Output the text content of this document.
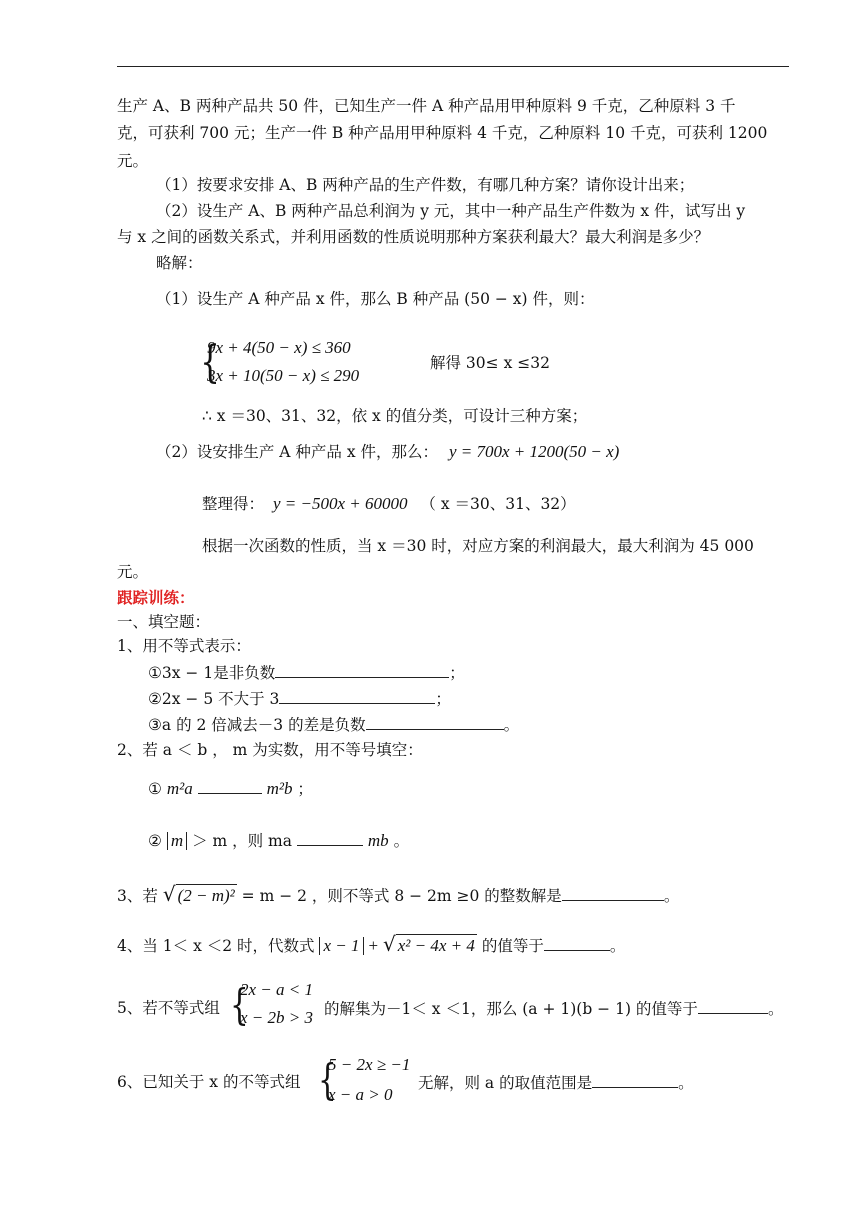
生产 A、B 两种产品共 50 件，已知生产一件 A 种产品用甲种原料 9 千克，乙种原料 3 千
克，可获利 700 元；生产一件 B 种产品用甲种原料 4 千克，乙种原料 10 千克，可获利 1200
元。
（1）按要求安排 A、B 两种产品的生产件数，有哪几种方案？请你设计出来；
（2）设生产 A、B 两种产品总利润为 y 元，其中一种产品生产件数为 x 件，试写出 y
与 x 之间的函数关系式，并利用函数的性质说明那种方案获利最大？最大利润是多少？
略解：
（1）设生产 A 种产品 x 件，那么 B 种产品 (50 − x) 件，则：
{
9x + 4(50 − x) ≤ 360
3x + 10(50 − x) ≤ 290
解得 30≤ x ≤32
∴ x ＝30、31、32，依 x 的值分类，可设计三种方案；
（2）设安排生产 A 种产品 x 件，那么： y = 700x + 1200(50 − x)
整理得： y = −500x + 60000 （ x ＝30、31、32）
根据一次函数的性质，当 x ＝30 时，对应方案的利润最大，最大利润为 45 000
元。
跟踪训练：
一、填空题：
1、用不等式表示：
①3x − 1是非负数	；
②2x − 5 不大于 3	；
③a 的 2 倍减去－3 的差是负数	。
2、若 a ＜ b ， m 为实数，用不等号填空：
① m²a	m²b ；
② m ＞ m ，则 ma	mb 。
3、若 √ (2 − m)² = m − 2 ，则不等式 8 − 2m ≥0 的整数解是	。
4、当 1＜ x ＜2 时，代数式 x − 1 + √ x² − 4x + 4 的值等于	。
5、若不等式组 {
2x − a < 1
x − 2b > 3 的解集为－1＜ x ＜1，那么 (a + 1)(b − 1) 的值等于	。
6、已知关于 x 的不等式组 {
5 − 2x ≥ −1
x − a > 0
无解，则 a 的取值范围是	。
